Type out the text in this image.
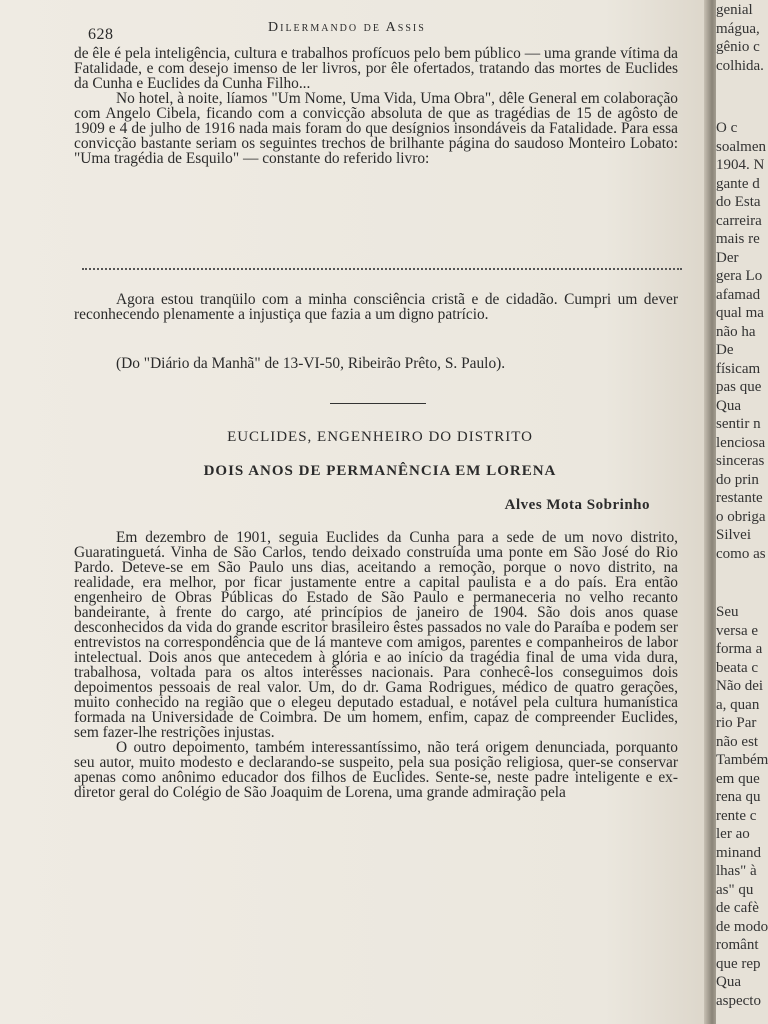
628	Dilermando de Assis

de êle é pela inteligência, cultura e trabalhos profícuos pelo bem público — uma grande vítima da Fatalidade, e com desejo imenso de ler livros, por êle ofertados, tratando das mortes de Euclides da Cunha e Euclides da Cunha Filho...

No hotel, à noite, líamos "Um Nome, Uma Vida, Uma Obra", dêle General em colaboração com Angelo Cibela, ficando com a convicção absoluta de que as tragédias de 15 de agôsto de 1909 e 4 de julho de 1916 nada mais foram do que desígnios insondáveis da Fatalidade. Para essa convicção bastante seriam os seguintes trechos de brilhante página do saudoso Monteiro Lobato: "Uma tragédia de Esquilo" — constante do referido livro:

Agora estou tranqüilo com a minha consciência cristã e de cidadão. Cumpri um dever reconhecendo plenamente a injustiça que fazia a um digno patrício.

(Do "Diário da Manhã" de 13-VI-50, Ribeirão Prêto, S. Paulo).

EUCLIDES, ENGENHEIRO DO DISTRITO
DOIS ANOS DE PERMANÊNCIA EM LORENA
Alves Mota Sobrinho

Em dezembro de 1901, seguia Euclides da Cunha para a sede de um novo distrito, Guaratinguetá. Vinha de São Carlos, tendo deixado construída uma ponte em São José do Rio Pardo. Deteve-se em São Paulo uns dias, aceitando a remoção, porque o novo distrito, na realidade, era melhor, por ficar justamente entre a capital paulista e a do país. Era então engenheiro de Obras Públicas do Estado de São Paulo e permaneceria no velho recanto bandeirante, à frente do cargo, até princípios de janeiro de 1904. São dois anos quase desconhecidos da vida do grande escritor brasileiro êstes passados no vale do Paraíba e podem ser entrevistos na correspondência que de lá manteve com amigos, parentes e companheiros de labor intelectual. Dois anos que antecedem à glória e ao início da tragédia final de uma vida dura, trabalhosa, voltada para os altos interêsses nacionais. Para conhecê-los conseguimos dois depoimentos pessoais de real valor. Um, do dr. Gama Rodrigues, médico de quatro gerações, muito conhecido na região que o elegeu deputado estadual, e notável pela cultura humanística formada na Universidade de Coimbra. De um homem, enfim, capaz de compreender Euclides, sem fazer-lhe restrições injustas.

O outro depoimento, também interessantíssimo, não terá origem denunciada, porquanto seu autor, muito modesto e declarando-se suspeito, pela sua posição religiosa, quer-se conservar apenas como anônimo educador dos filhos de Euclides. Sente-se, neste padre inteligente e ex-diretor geral do Colégio de São Joaquim de Lorena, uma grande admiração pela

genial
mágua,
gênio c
colhida.
O c
soalmen
1904. N
gante d
do Esta
carreira
mais re
Der
gera Lo
afamad
qual ma
não ha
De
físicam
pas que
Qua
sentir n
lenciosa
sinceras
do prin
restante
o obriga
Silvei
como as
Seu
versa e
forma a
beata c
Não dei
a, quan
rio Par
não est
Também
em que
rena qu
rente c
ler ao
minand
lhas" à
as" qu
de cafè
de modo
românt
que rep
Qua
aspecto
